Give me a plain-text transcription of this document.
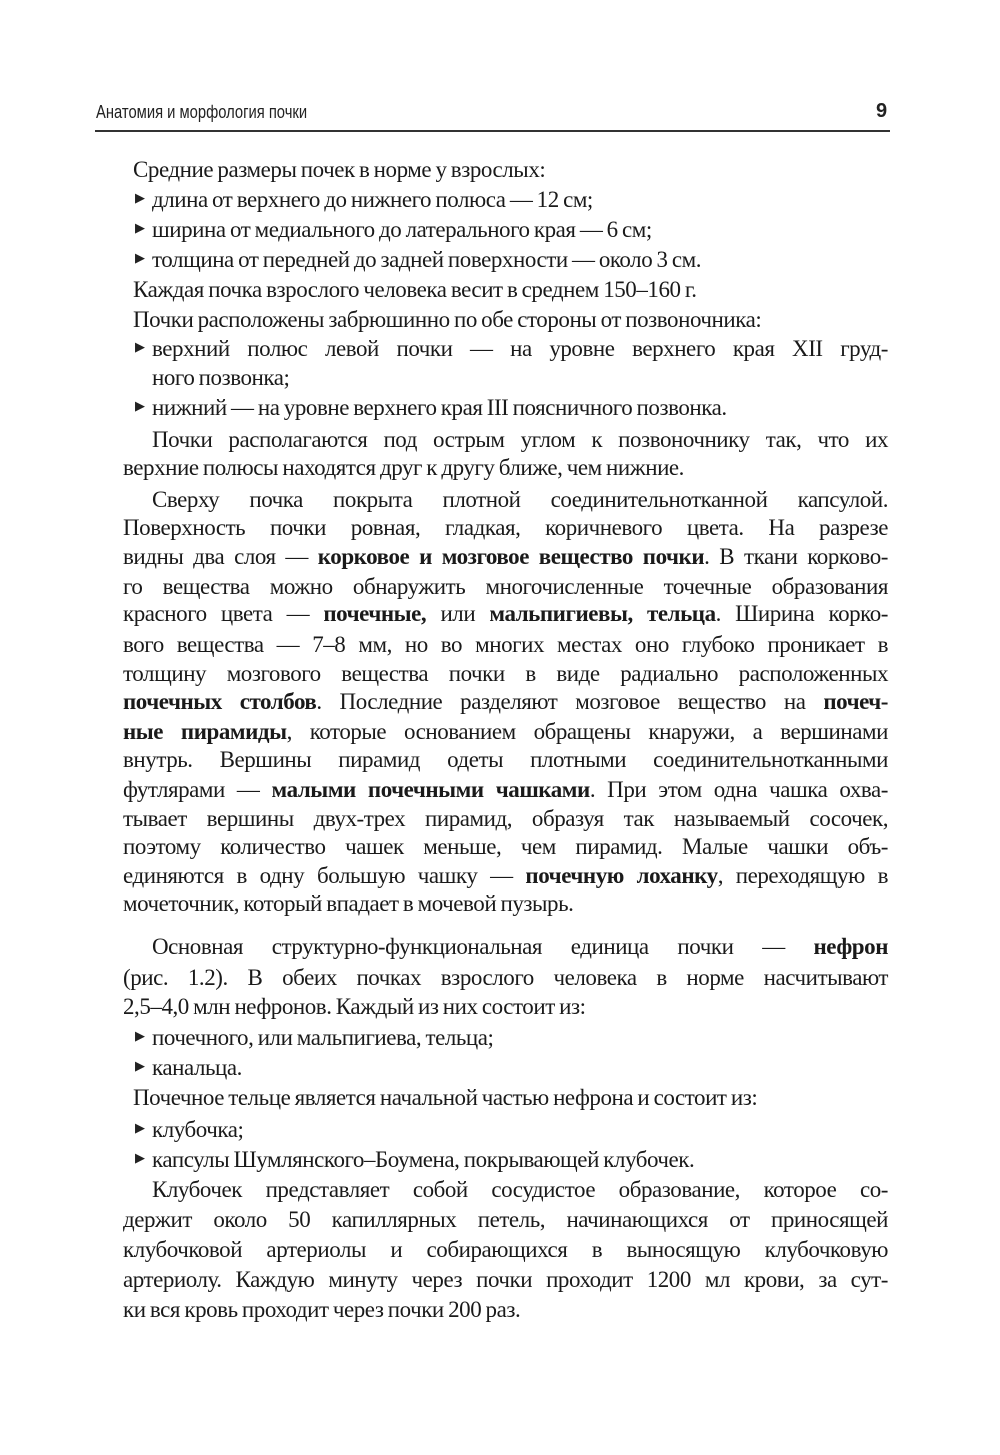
Анатомия и морфология почки	9
Средние размеры почек в норме у взрослых:
длина от верхнего до нижнего полюса — 12 см;
▶
ширина от медиального до латерального края — 6 см;
▶
толщина от передней до задней поверхности — около 3 см.
▶
Каждая почка взрослого человека весит в среднем 150–160 г.
Почки расположены забрюшинно по обе стороны от позвоночника:
верхний полюс левой почки — на уровне верхнего края XII груд-
▶
ного позвонка;
нижний — на уровне верхнего края III поясничного позвонка.
▶
Почки располагаются под острым углом к позвоночнику так, что их
верхние полюсы находятся друг к другу ближе, чем нижние.
Сверху почка покрыта плотной соединительнотканной капсулой.
Поверхность почки ровная, гладкая, коричневого цвета. На разрезе
видны два слоя — корковое и мозговое вещество почки. В ткани корково-
го вещества можно обнаружить многочисленные точечные образования
красного цвета — почечные, или мальпигиевы, тельца. Ширина корко-
вого вещества — 7–8 мм, но во многих местах оно глубоко проникает в
толщину мозгового вещества почки в виде радиально расположенных
почечных столбов. Последние разделяют мозговое вещество на почеч-
ные пирамиды, которые основанием обращены кнаружи, а вершинами
внутрь. Вершины пирамид одеты плотными соединительнотканными
футлярами — малыми почечными чашками. При этом одна чашка охва-
тывает вершины двух-трех пирамид, образуя так называемый сосочек,
поэтому количество чашек меньше, чем пирамид. Малые чашки объ-
единяются в одну большую чашку — почечную лоханку, переходящую в
мочеточник, который впадает в мочевой пузырь.
Основная структурно-функциональная единица почки — нефрон
(рис. 1.2). В обеих почках взрослого человека в норме насчитывают
2,5–4,0 млн нефронов. Каждый из них состоит из:
почечного, или мальпигиева, тельца;
▶
канальца.
▶
Почечное тельце является начальной частью нефрона и состоит из:
клубочка;
▶
капсулы Шумлянского–Боумена, покрывающей клубочек.
▶
Клубочек представляет собой сосудистое образование, которое со-
держит около 50 капиллярных петель, начинающихся от приносящей
клубочковой артериолы и собирающихся в выносящую клубочковую
артериолу. Каждую минуту через почки проходит 1200 мл крови, за сут-
ки вся кровь проходит через почки 200 раз.
